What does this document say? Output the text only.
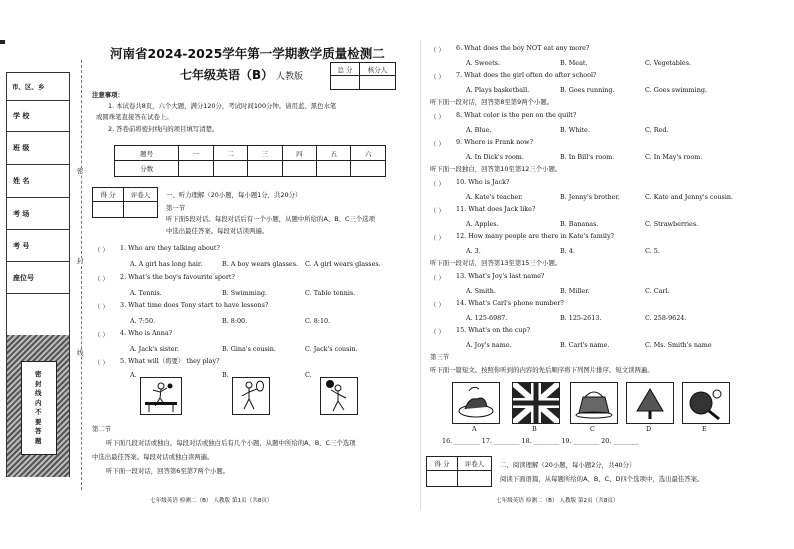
市、区、乡
学 校
班 级
姓 名
考 场
考 号
座位号
密封线内不要答题
密
封
线
河南省2024-2025学年第一学期教学质量检测二
七年级英语（B） 人教版
总 分	核分人

注意事项：
1. 本试卷共8页，六个大题，满分120分，考试时间100分钟。请用蓝、黑色水笔
或圆珠笔直接答在试卷上。
2. 答卷前将密封线内的项目填写清楚。
题号	一	二	三	四	五	六
分数						
得 分	评卷人
	一、听力理解（20小题，每小题1分，共20分）
第一节
听下面5段对话。每段对话后有一个小题，从题中所给的A、B、C三个选项
中选出最佳答案。每段对话读两遍。
（ ） 1. Who are they talking about?
A. A girl has long hair.	B. A boy wears glasses. C. A girl wears glasses.
（ ） 2. What's the boy's favourite sport?
A. Tennis.	B. Swimming.	C. Table tennis.
（ ） 3. What time does Tony start to have lessons?
A. 7:50.	B. 8:00.	C. 8:10.
（ ） 4. Who is Anna?
A. Jack's sister.	B. Gina's cousin.	C. Jack's cousin.
（ ） 5. What will（将要） they play?
A.	B.	C.
第二节
听下面几段对话或独白。每段对话或独白后有几个小题，从题中所给的A、B、C三个选项
中选出最佳答案。每段对话或独白读两遍。
听下面一段对话，回答第6至第7两个小题。
七年级英语 检测二（B） 人教版 第1页（共8页）
（ ） 6. What does the boy NOT eat any more?
A. Sweets.	B. Meat.	C. Vegetables.
（ ） 7. What does the girl often do after school?
A. Plays basketball.	B. Goes running.	C. Goes swimming.
听下面一段对话，回答第8至第9两个小题。
（ ） 8. What color is the pen on the quilt?
A. Blue.	B. White.	C. Red.
（ ） 9. Where is Frank now?
A. In Dick's room.	B. In Bill's room.	C. In May's room.
听下面一段独白，回答第10至第12三个小题。
（ ） 10. Who is Jack?
A. Kate's teacher.	B. Jenny's brother.	C. Kate and Jenny's cousin.
（ ） 11. What does Jack like?
A. Apples.	B. Bananas.	C. Strawberries.
（ ） 12. How many people are there in Kate's family?
A. 3.	B. 4.	C. 5.
听下面一段对话，回答第13至第15三个小题。
（ ） 13. What's Joy's last name?
A. Smith.	B. Miller.	C. Carl.
（ ） 14. What's Carl's phone number?
A. 125-6987.	B. 125-2613.	C. 258-9624.
（ ） 15. What's on the cup?
A. Joy's name.	B. Carl's name.	C. Ms. Smith's name
第三节
听下面一篇短文。按照你听到的内容的先后顺序将下列图片排序。短文读两遍。
A	B	C	D	E
16. ________ 17. ________ 18. ________ 19. ________ 20. ________
得 分	评卷人
	二、阅读理解（20小题，每小题2分，共40分）
阅读下面语篇，从每题所给的A、B、C、D四个选项中，选出最佳答案。
七年级英语 检测二（B） 人教版 第2页（共8页）
